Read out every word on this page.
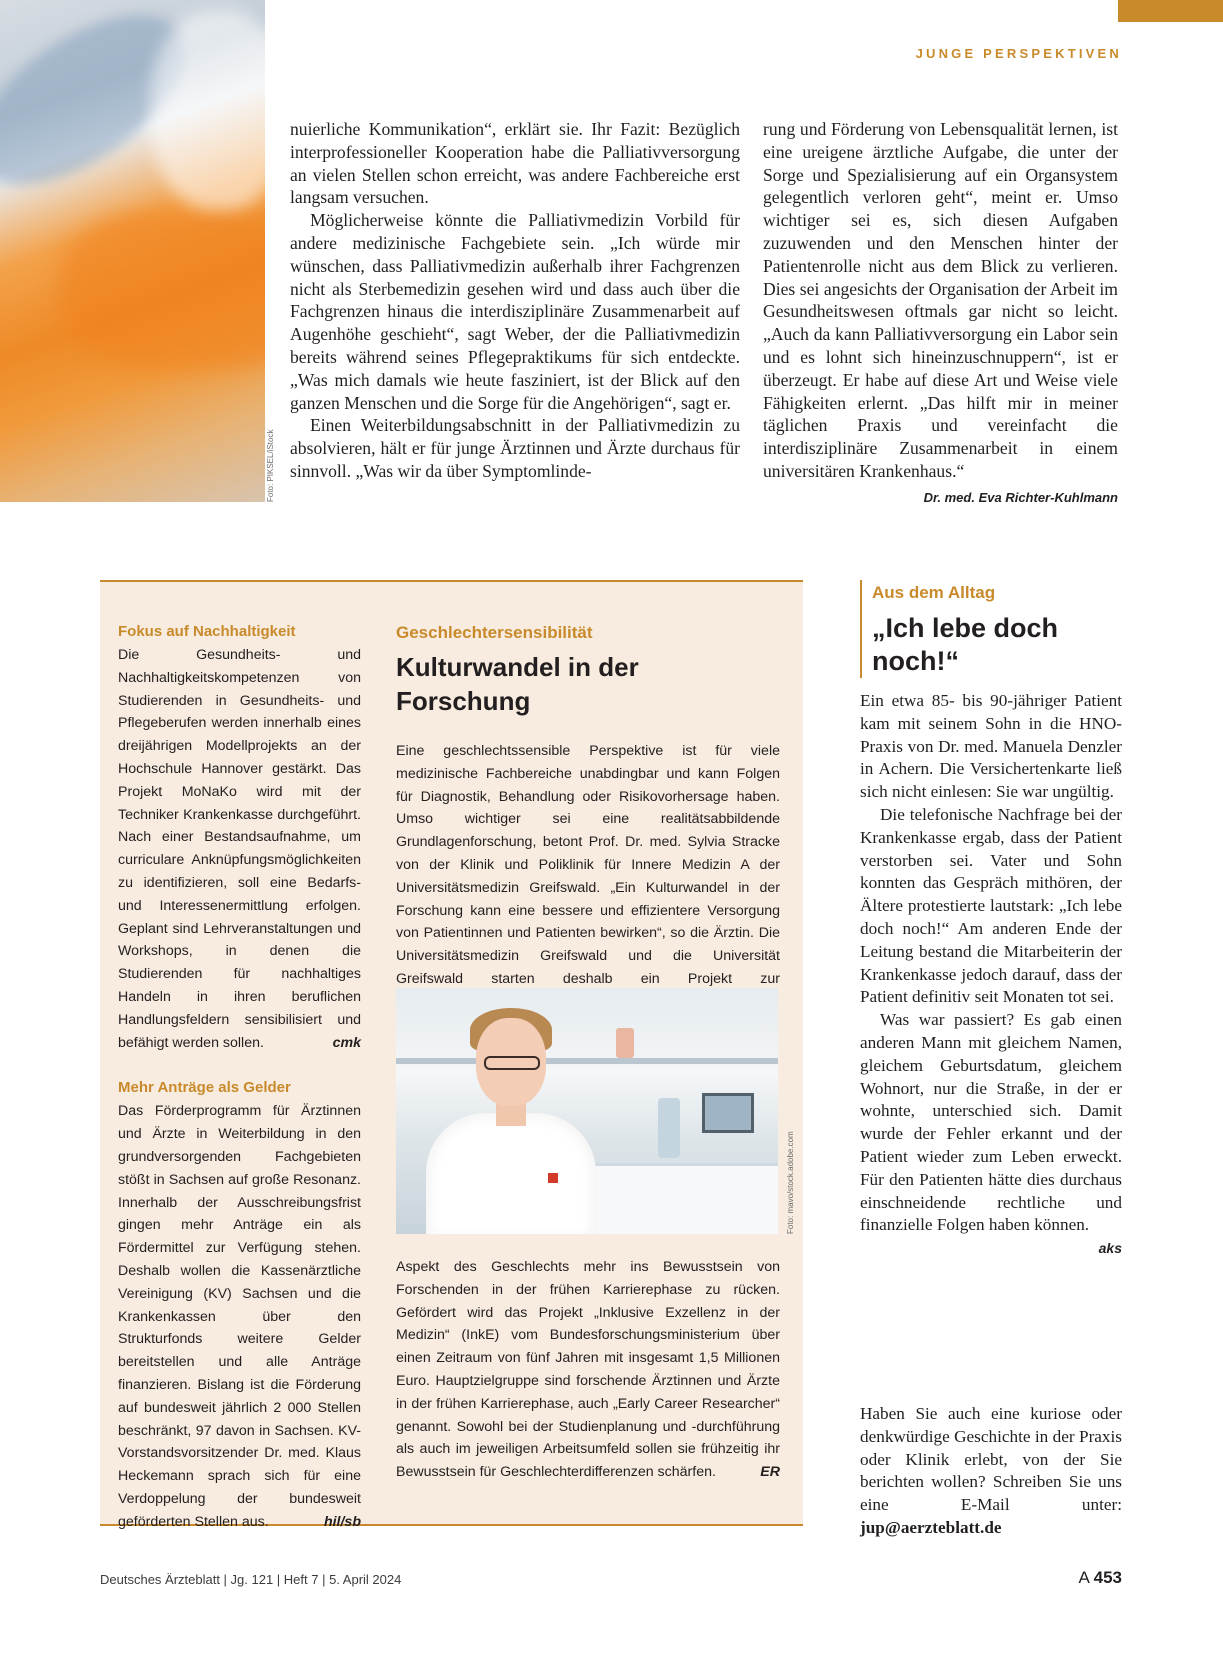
JUNGE PERSPEKTIVEN
Foto: PIKSEL/iStock

nuierliche Kommunikation“, erklärt sie. Ihr Fazit: Bezüglich interprofessioneller Kooperation habe die Palliativversorgung an vielen Stellen schon erreicht, was andere Fachbereiche erst langsam versuchen.

Möglicherweise könnte die Palliativmedizin Vorbild für andere medizinische Fachgebiete sein. „Ich würde mir wünschen, dass Palliativmedizin außerhalb ihrer Fachgrenzen nicht als Sterbemedizin gesehen wird und dass auch über die Fachgrenzen hinaus die interdisziplinäre Zusammenarbeit auf Augenhöhe geschieht“, sagt Weber, der die Palliativmedizin bereits während seines Pflegepraktikums für sich entdeckte. „Was mich damals wie heute fasziniert, ist der Blick auf den ganzen Menschen und die Sorge für die Angehörigen“, sagt er.

Einen Weiterbildungsabschnitt in der Palliativmedizin zu absolvieren, hält er für junge Ärztinnen und Ärzte durchaus für sinnvoll. „Was wir da über Symptomlinde-

rung und Förderung von Lebensqualität lernen, ist eine ureigene ärztliche Aufgabe, die unter der Sorge und Spezialisierung auf ein Organsystem gelegentlich verloren geht“, meint er. Umso wichtiger sei es, sich diesen Aufgaben zuzuwenden und den Menschen hinter der Patientenrolle nicht aus dem Blick zu verlieren. Dies sei angesichts der Organisation der Arbeit im Gesundheitswesen oftmals gar nicht so leicht. „Auch da kann Palliativversorgung ein Labor sein und es lohnt sich hineinzuschnuppern“, ist er überzeugt. Er habe auf diese Art und Weise viele Fähigkeiten erlernt. „Das hilft mir in meiner täglichen Praxis und vereinfacht die interdisziplinäre Zusammenarbeit in einem universitären Krankenhaus.“
Dr. med. Eva Richter-Kuhlmann

Fokus auf Nachhaltigkeit
Die Gesundheits- und Nachhaltigkeitskompetenzen von Studierenden in Gesundheits- und Pflegeberufen werden innerhalb eines dreijährigen Modellprojekts an der Hochschule Hannover gestärkt. Das Projekt MoNaKo wird mit der Techniker Krankenkasse durchgeführt. Nach einer Bestandsaufnahme, um curriculare Anknüpfungsmöglichkeiten zu identifizieren, soll eine Bedarfs- und Interessenermittlung erfolgen. Geplant sind Lehrveranstaltungen und Workshops, in denen die Studierenden für nachhaltiges Handeln in ihren beruflichen Handlungsfeldern sensibilisiert und befähigt werden sollen.	cmk
Mehr Anträge als Gelder
Das Förderprogramm für Ärztinnen und Ärzte in Weiterbildung in den grundversorgenden Fachgebieten stößt in Sachsen auf große Resonanz. Innerhalb der Ausschreibungsfrist gingen mehr Anträge ein als Fördermittel zur Verfügung stehen. Deshalb wollen die Kassenärztliche Vereinigung (KV) Sachsen und die Krankenkassen über den Strukturfonds weitere Gelder bereitstellen und alle Anträge finanzieren. Bislang ist die Förderung auf bundesweit jährlich 2 000 Stellen beschränkt, 97 davon in Sachsen. KV-Vorstandsvorsitzender Dr. med. Klaus Heckemann sprach sich für eine Verdoppelung der bundesweit geförderten Stellen aus.	hil/sb
Geschlechtersensibilität
Kulturwandel in der Forschung
Eine geschlechtssensible Perspektive ist für viele medizinische Fachbereiche unabdingbar und kann Folgen für Diagnostik, Behandlung oder Risikovorhersage haben. Umso wichtiger sei eine realitätsabbildende Grundlagenforschung, betont Prof. Dr. med. Sylvia Stracke von der Klinik und Poliklinik für Innere Medizin A der Universitätsmedizin Greifswald. „Ein Kulturwandel in der Forschung kann eine bessere und effizientere Versorgung von Patientinnen und Patienten bewirken“, so die Ärztin. Die Universitätsmedizin Greifswald und die Universität Greifswald starten deshalb ein Projekt zur
Foto: mavo/stock.adobe.com
Aspekt des Geschlechts mehr ins Bewusstsein von Forschenden in der frühen Karrierephase zu rücken. Gefördert wird das Projekt „Inklusive Exzellenz in der Medizin“ (InkE) vom Bundesforschungsministerium über einen Zeitraum von fünf Jahren mit insgesamt 1,5 Millionen Euro. Hauptzielgruppe sind forschende Ärztinnen und Ärzte in der frühen Karrierephase, auch „Early Career Researcher“ genannt. Sowohl bei der Studienplanung und -durchführung als auch im jeweiligen Arbeitsumfeld sollen sie frühzeitig ihr Bewusstsein für Geschlechterdifferenzen schärfen.	ER
Aus dem Alltag
„Ich lebe doch noch!“

Ein etwa 85- bis 90-jähriger Patient kam mit seinem Sohn in die HNO-Praxis von Dr. med. Manuela Denzler in Achern. Die Versichertenkarte ließ sich nicht einlesen: Sie war ungültig.

Die telefonische Nachfrage bei der Krankenkasse ergab, dass der Patient verstorben sei. Vater und Sohn konnten das Gespräch mithören, der Ältere protestierte lautstark: „Ich lebe doch noch!“ Am anderen Ende der Leitung bestand die Mitarbeiterin der Krankenkasse jedoch darauf, dass der Patient definitiv seit Monaten tot sei.

Was war passiert? Es gab einen anderen Mann mit gleichem Namen, gleichem Geburtsdatum, gleichem Wohnort, nur die Straße, in der er wohnte, unterschied sich. Damit wurde der Fehler erkannt und der Patient wieder zum Leben erweckt. Für den Patienten hätte dies durchaus einschneidende rechtliche und finanzielle Folgen haben können.
aks

Haben Sie auch eine kuriose oder denkwürdige Geschichte in der Praxis oder Klinik erlebt, von der Sie berichten wollen? Schreiben Sie uns eine E-Mail unter: jup@aerzteblatt.de
Deutsches Ärzteblatt | Jg. 121 | Heft 7 | 5. April 2024	A 453
